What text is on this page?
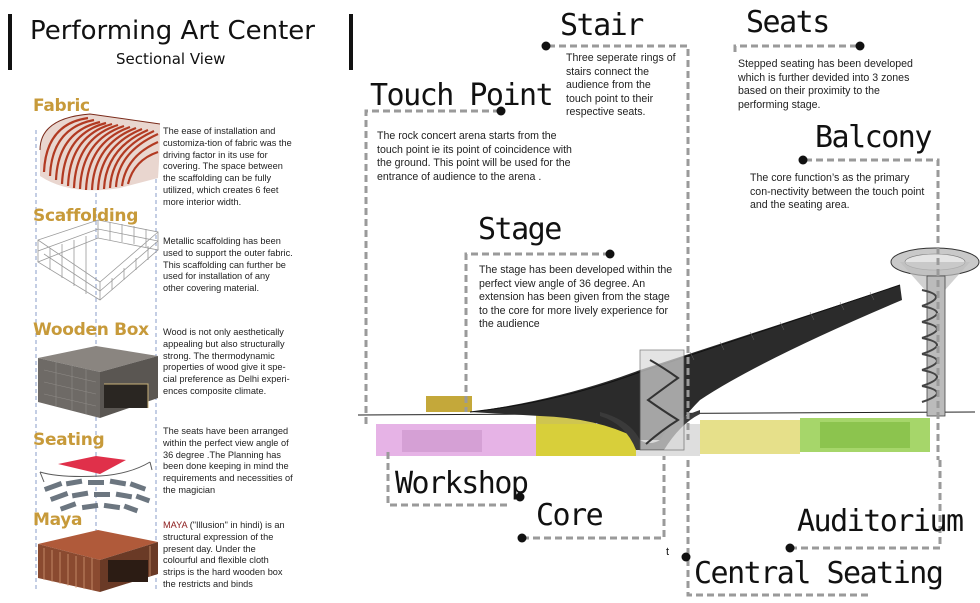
Performing Art Center
Sectional View
Fabric
The ease of installation and customiza-tion of fabric was the driving factor in its use for covering. The space between the scaffolding can be fully utilized, which creates 6 feet more interior width.
Scaffolding
Metallic scaffolding has been used to support the outer fabric. This scaffolding can further be used for installation of any other covering material.
Wooden Box Wood is not only aesthetically appealing but also structurally strong. The thermodynamic properties of wood give it spe-cial preference as Delhi experi-ences composite climate.
Seating	The seats have been arranged within the perfect view angle of 36 degree .The Planning has been done keeping in mind the requirements and necessities of the magician
Maya	MAYA ("Illusion" in hindi) is an structural expression of the present day. Under the colourful and flexible cloth strips is the hard wooden box the restricts and binds
Stair
Three seperate rings of stairs connect the audience from the touch point to their respective seats.
Seats
Stepped seating has been developed which is further devided into 3 zones based on their proximity to the performing stage.
Touch Point
The rock concert arena starts from the touch point ie its point of coincidence with the ground. This point will be used for the entrance of audience to the arena .
Balcony
The core function’s as the primary con-nectivity between the touch point and the seating area.
Stage
The stage has been developed within the perfect view angle of 36 degree. An extension has been given from the stage to the core for more lively experience for the audience
Workshop
Core
t
Auditorium
Central Seating
